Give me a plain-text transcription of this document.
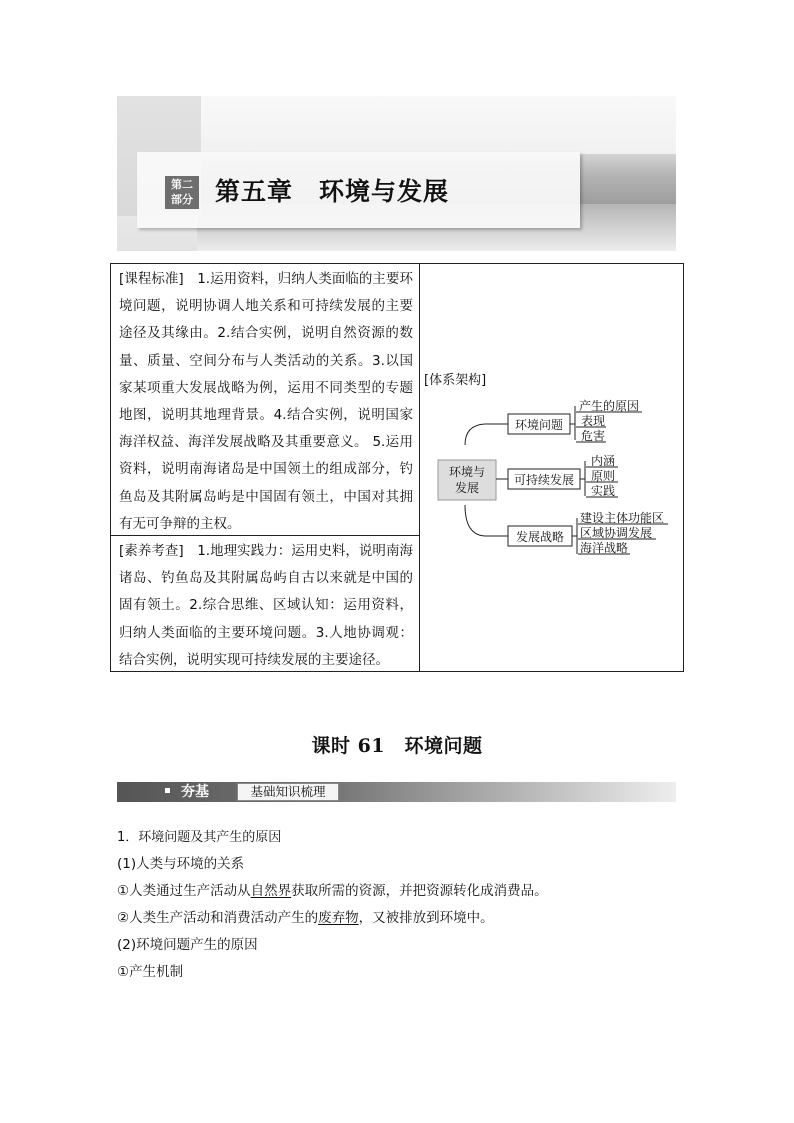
第二
部分 第五章　环境与发展

[课程标准]  1.运用资料，归纳人类面临的主要环境问题，说明协调人地关系和可持续发展的主要途径及其缘由。2.结合实例，说明自然资源的数量、质量、空间分布与人类活动的关系。3.以国家某项重大发展战略为例，运用不同类型的专题地图，说明其地理背景。4.结合实例，说明国家海洋权益、海洋发展战略及其重要意义。 5.运用资料，说明南海诸岛是中国领土的组成部分，钓鱼岛及其附属岛屿是中国固有领土，中国对其拥有无可争辩的主权。

[素养考查]  1.地理实践力：运用史料，说明南海诸岛、钓鱼岛及其附属岛屿自古以来就是中国的固有领土。2.综合思维、区域认知：运用资料，归纳人类面临的主要环境问题。3.人地协调观：结合实例，说明实现可持续发展的主要途径。

[体系架构]
环境与
发展
环境问题
可持续发展
发展战略
产生的原因
表现
危害
内涵
原则
实践
建设主体功能区
区域协调发展
海洋战略
课时 61　环境问题
夯基	基础知识梳理
1．环境问题及其产生的原因
(1)人类与环境的关系
①人类通过生产活动从自然界获取所需的资源，并把资源转化成消费品。
②人类生产活动和消费活动产生的废弃物，又被排放到环境中。
(2)环境问题产生的原因
①产生机制
